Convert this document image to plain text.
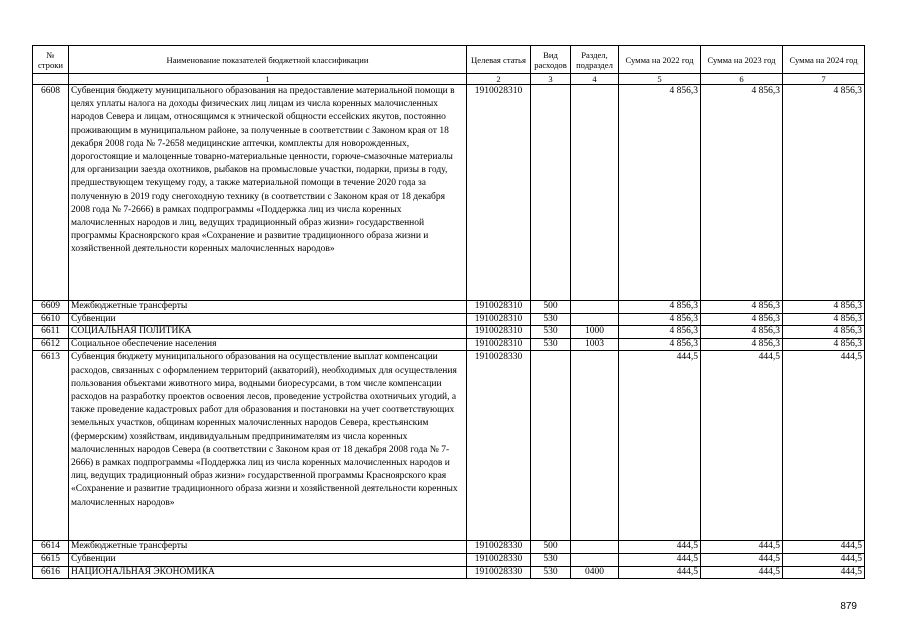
№ строки	Наименование показателей бюджетной классификации	Целевая статья	Вид расходов	Раздел, подраздел	Сумма на 2022 год	Сумма на 2023 год	Сумма на 2024 год
	1	2	3	4	5	6	7
6608	Субвенция бюджету муниципального образования на предоставление материальной помощи в целях уплаты налога на доходы физических лиц лицам из числа коренных малочисленных народов Севера и лицам, относящимся к этнической общности ессейских якутов, постоянно проживающим в муниципальном районе, за полученные в соответствии с Законом края от 18 декабря 2008 года № 7-2658 медицинские аптечки, комплекты для новорожденных, дорогостоящие и малоценные товарно-материальные ценности, горюче-смазочные материалы для организации заезда охотников, рыбаков на промысловые участки, подарки, призы в году, предшествующем текущему году, а также материальной помощи в течение 2020 года за полученную в 2019 году снегоходную технику (в соответствии с Законом края от 18 декабря 2008 года № 7-2666) в рамках подпрограммы «Поддержка лиц из числа коренных малочисленных народов и лиц, ведущих традиционный образ жизни» государственной программы Красноярского края «Сохранение и развитие традиционного образа жизни и хозяйственной деятельности коренных малочисленных народов»	1910028310			4 856,3	4 856,3	4 856,3
6609	Межбюджетные трансферты	1910028310	500		4 856,3	4 856,3	4 856,3
6610	Субвенции	1910028310	530		4 856,3	4 856,3	4 856,3
6611	СОЦИАЛЬНАЯ ПОЛИТИКА	1910028310	530	1000	4 856,3	4 856,3	4 856,3
6612	Социальное обеспечение населения	1910028310	530	1003	4 856,3	4 856,3	4 856,3
6613	Субвенция бюджету муниципального образования на осуществление выплат компенсации расходов, связанных с оформлением территорий (акваторий), необходимых для осуществления пользования объектами животного мира, водными биоресурсами, в том числе компенсации расходов на разработку проектов освоения лесов, проведение устройства охотничьих угодий, а также проведение кадастровых работ для образования и постановки на учет соответствующих земельных участков, общинам коренных малочисленных народов Севера, крестьянским (фермерским) хозяйствам, индивидуальным предпринимателям из числа коренных малочисленных народов Севера (в соответствии с Законом края от 18 декабря 2008 года № 7-2666) в рамках подпрограммы «Поддержка лиц из числа коренных малочисленных народов и лиц, ведущих традиционный образ жизни» государственной программы Красноярского края «Сохранение и развитие традиционного образа жизни и хозяйственной деятельности коренных малочисленных народов»	1910028330			444,5	444,5	444,5
6614	Межбюджетные трансферты	1910028330	500		444,5	444,5	444,5
6615	Субвенции	1910028330	530		444,5	444,5	444,5
6616	НАЦИОНАЛЬНАЯ ЭКОНОМИКА	1910028330	530	0400	444,5	444,5	444,5
879
